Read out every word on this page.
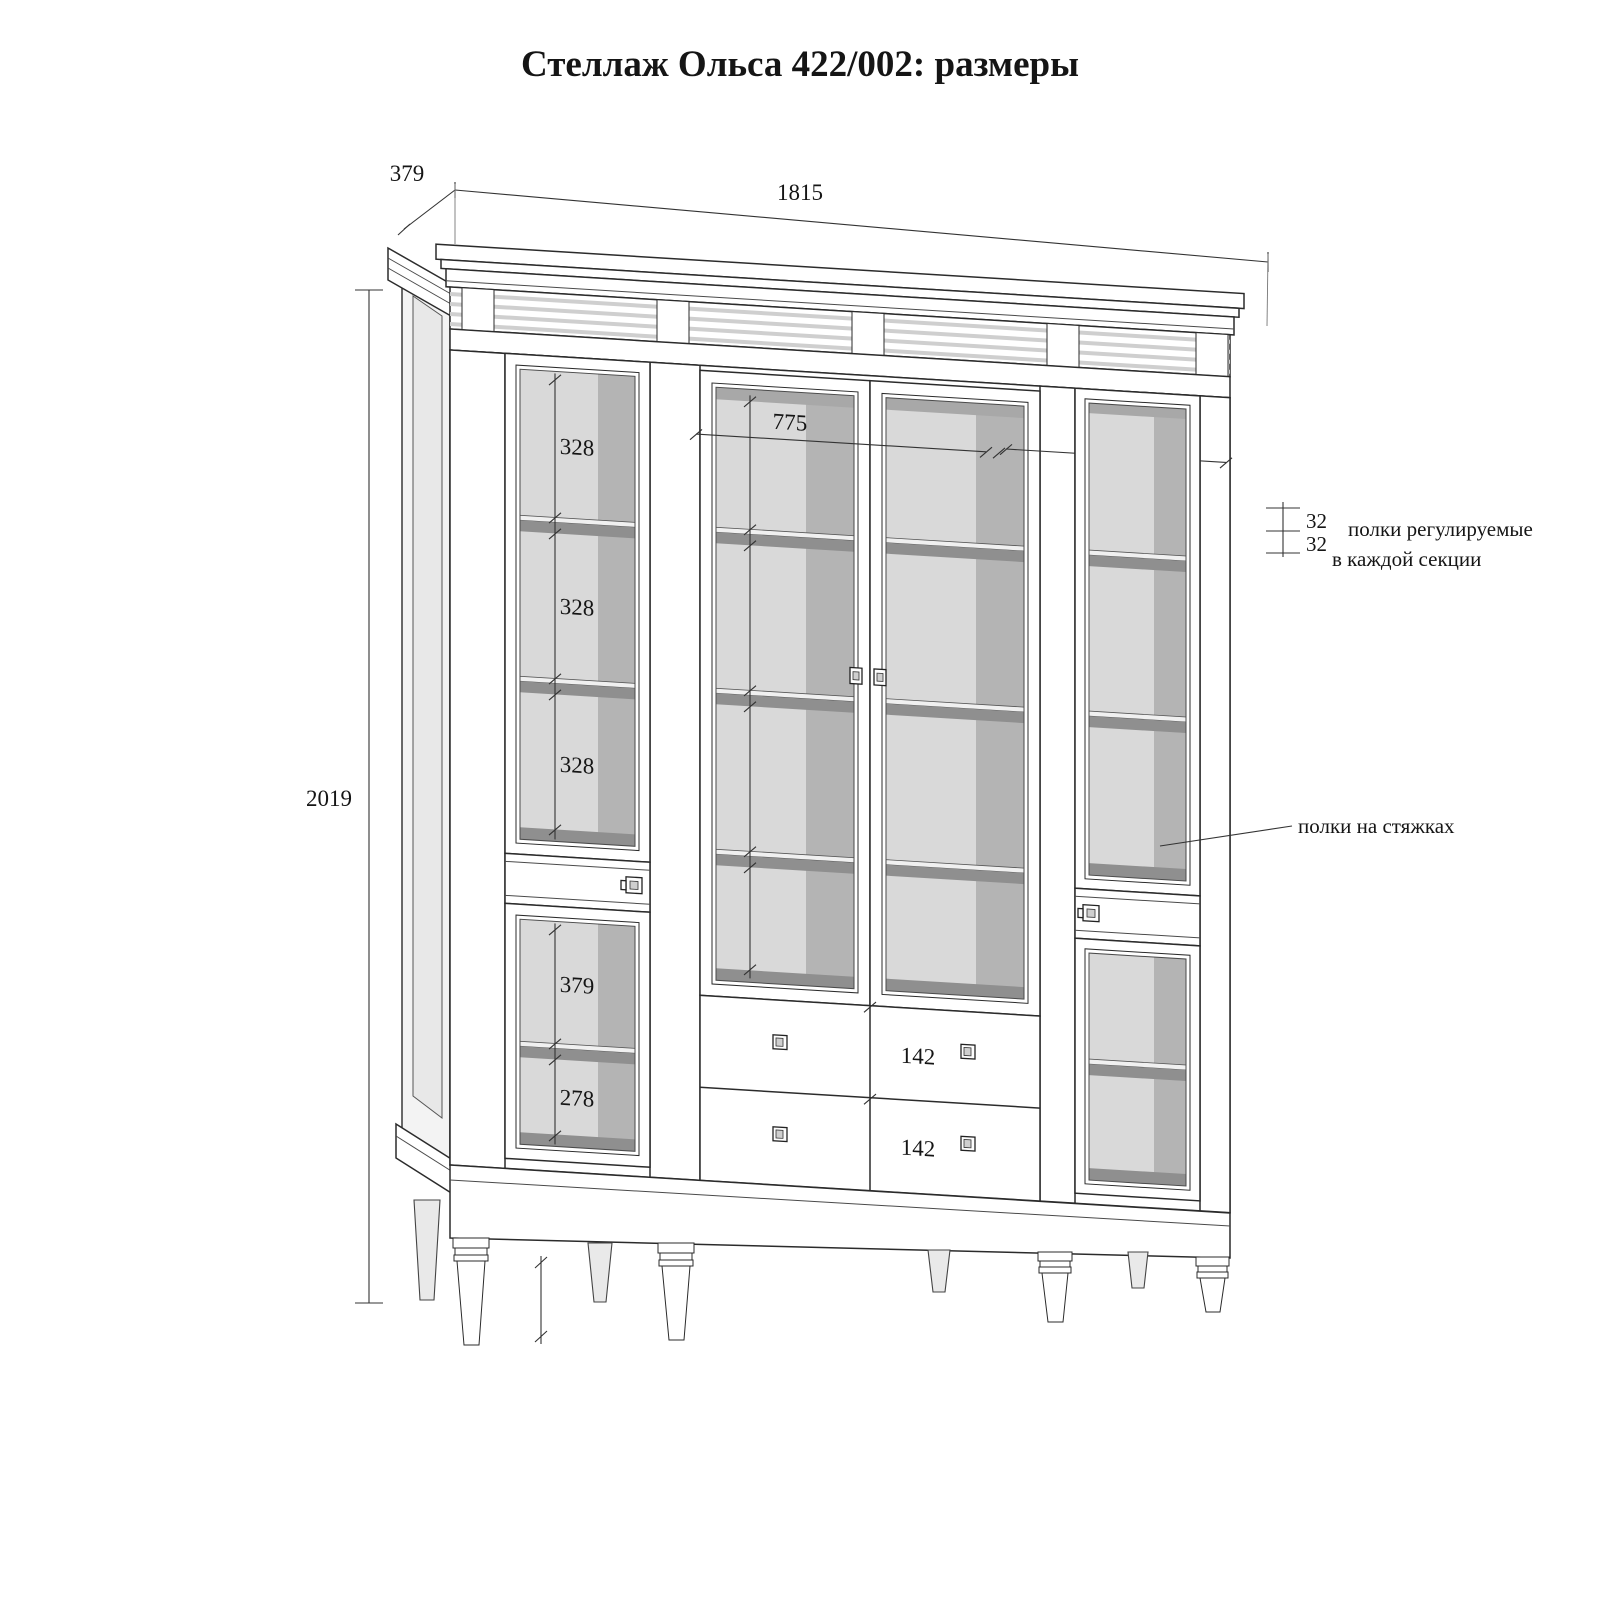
Стеллаж Ольса 422/002: размеры
328
328
328
379
278
775
142
142
379
1815
2019
32
32
полки регулируемые
в каждой секции
полки на стяжках
